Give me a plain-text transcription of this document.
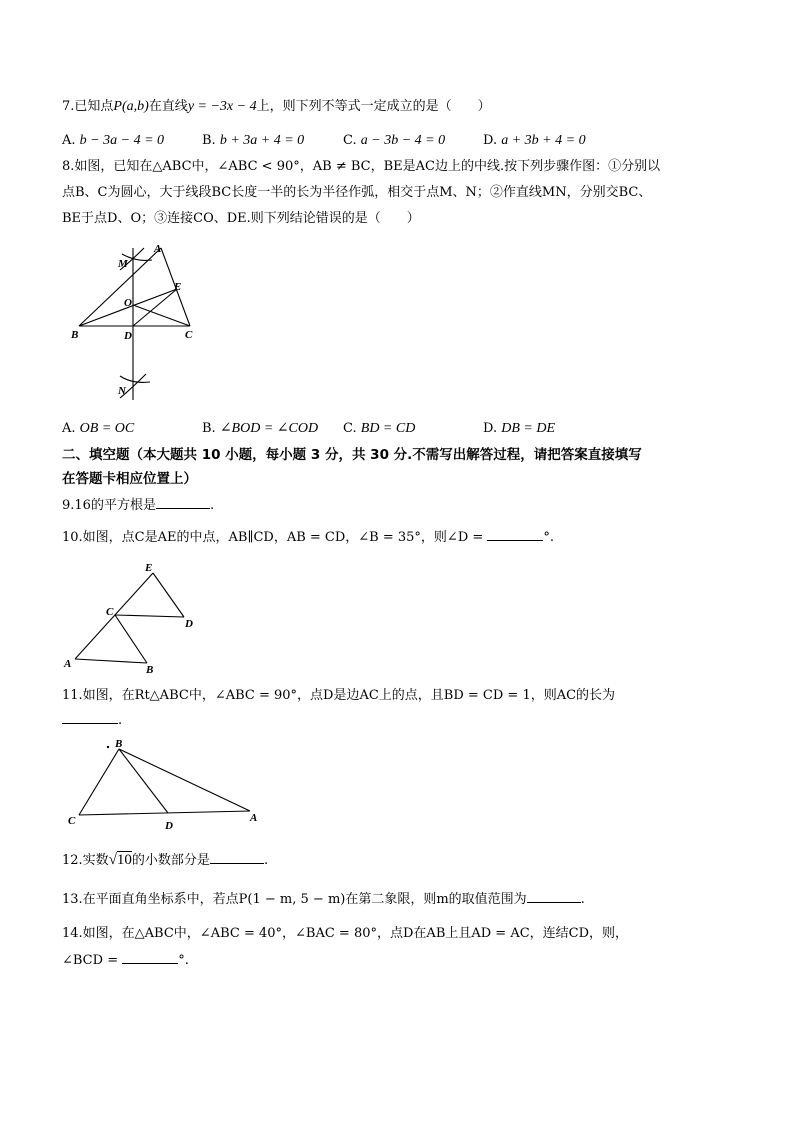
7.已知点P(a,b)在直线y = −3x − 4上，则下列不等式一定成立的是（　　）
A. b − 3a − 4 = 0	B. b + 3a + 4 = 0	C. a − 3b − 4 = 0	D. a + 3b + 4 = 0
8.如图，已知在△ABC中，∠ABC < 90°，AB ≠ BC，BE是AC边上的中线.按下列步骤作图：①分别以
点B、C为圆心，大于线段BC长度一半的长为半径作弧，相交于点M、N；②作直线MN，分别交BC、
BE于点D、O；③连接CO、DE.则下列结论错误的是（　　）
A
B	C
D
E
O
M
N
A. OB = OC	B. ∠BOD = ∠COD C. BD = CD	D. DB = DE
二、填空题（本大题共 10 小题，每小题 3 分，共 30 分.不需写出解答过程，请把答案直接填写
在答题卡相应位置上）
9.16的平方根是	.
10.如图，点C是AE的中点，AB∥CD，AB = CD，∠B = 35°，则∠D =	°.
E
C
D
A	B
11.如图，在Rt△ABC中，∠ABC = 90°，点D是边AC上的点，且BD = CD = 1，则AC的长为
.
B
C	D
A
12.实数√10的小数部分是	.
13.在平面直角坐标系中，若点P(1 − m, 5 − m)在第二象限，则m的取值范围为	.
14.如图，在△ABC中，∠ABC = 40°，∠BAC = 80°，点D在AB上且AD = AC，连结CD，则，
∠BCD =	°.
